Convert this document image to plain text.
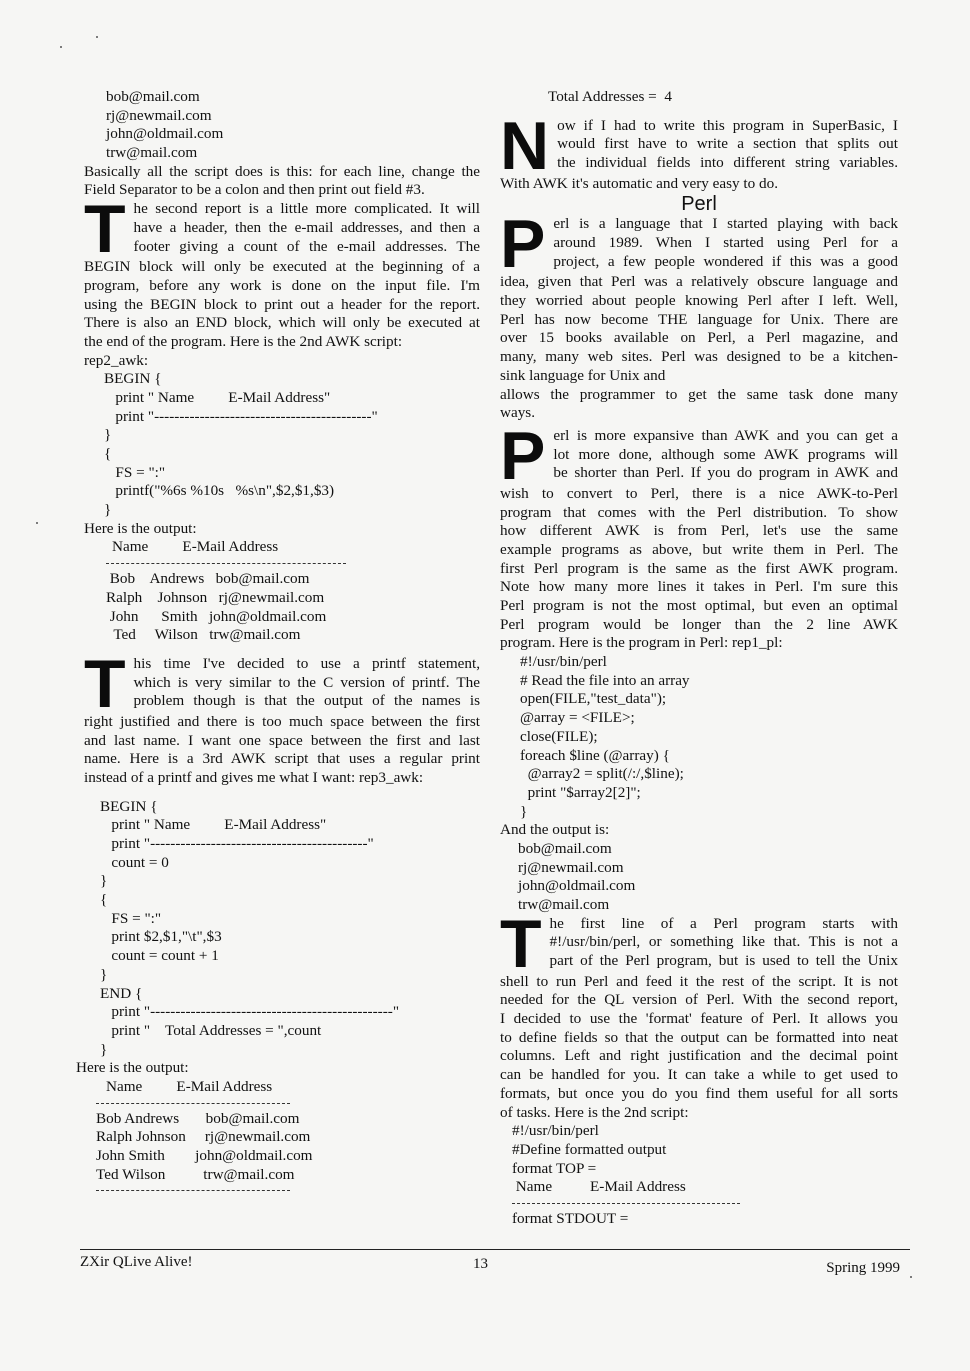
bob@mail.com
rj@newmail.com
john@oldmail.com
trw@mail.com
Basically all the script does is this: for each line, change the
Field Separator to be a colon and then print out field #3.
T he second report is a little more complicated. It will
have a header, then the e-mail addresses, and then a
footer giving a count of the e-mail addresses. The
BEGIN block will only be executed at the beginning of a
program, before any work is done on the input file. I'm
using the BEGIN block to print out a header for the report.
There is also an END block, which will only be executed at
the end of the program. Here is the 2nd AWK script:
rep2_awk:
BEGIN {
print " Name         E-Mail Address"
print "-------------------------------------------"
}
{
FS = ":"
printf("%6s %10s   %s\n",$2,$1,$3)
}
Here is the output:
Name         E-Mail Address
Bob    Andrews   bob@mail.com
Ralph    Johnson   rj@newmail.com
John      Smith   john@oldmail.com
Ted     Wilson   trw@mail.com
T his time I've decided to use a printf statement,
which is very similar to the C version of printf. The
problem though is that the output of the names is
right justified and there is too much space between the first
and last name. I want one space between the first and last
name. Here is a 3rd AWK script that uses a regular print
instead of a printf and gives me what I want: rep3_awk:
BEGIN {
print " Name         E-Mail Address"
print "-------------------------------------------"
count = 0
}
{
FS = ":"
print $2,$1,"\t",$3
count = count + 1
}
END {
print "------------------------------------------------"
print "    Total Addresses = ",count
}
Here is the output:
Name         E-Mail Address
Bob Andrews       bob@mail.com
Ralph Johnson     rj@newmail.com
John Smith        john@oldmail.com
Ted Wilson          trw@mail.com
Total Addresses =  4
N ow if I had to write this program in SuperBasic, I
would first have to write a section that splits out
the individual fields into different string variables.
With AWK it's automatic and very easy to do.
Perl
P erl is a language that I started playing with back
around 1989. When I started using Perl for a
project, a few people wondered if this was a good
idea, given that Perl was a relatively obscure language and
they worried about people knowing Perl after I left. Well,
Perl has now become THE language for Unix. There are
over 15 books available on Perl, a Perl magazine, and
many, many web sites. Perl was designed to be a kitchen-
sink language for Unix and
allows the programmer to get the same task done many
ways.
P erl is more expansive than AWK and you can get a
lot more done, although some AWK programs will
be shorter than Perl. If you do program in AWK and
wish to convert to Perl, there is a nice AWK-to-Perl
program that comes with the Perl distribution. To show
how different AWK is from Perl, let's use the same
example programs as above, but write them in Perl. The
first Perl program is the same as the first AWK program.
Note how many more lines it takes in Perl. I'm sure this
Perl program is not the most optimal, but even an optimal
Perl program would be longer than the 2 line AWK
program. Here is the program in Perl: rep1_pl:
#!/usr/bin/perl
# Read the file into an array
open(FILE,"test_data");
@array = <FILE>;
close(FILE);
foreach $line (@array) {
@array2 = split(/:/,$line);
print "$array2[2]";
}
And the output is:
bob@mail.com
rj@newmail.com
john@oldmail.com
trw@mail.com
T he first line of a Perl program starts with
#!/usr/bin/perl, or something like that. This is not a
part of the Perl program, but is used to tell the Unix
shell to run Perl and feed it the rest of the script. It is not
needed for the QL version of Perl. With the second report,
I decided to use the 'format' feature of Perl. It allows you
to define fields so that the output can be formatted into neat
columns. Left and right justification and the decimal point
can be handled for you. It can take a while to get used to
formats, but once you do you find them useful for all sorts
of tasks. Here is the 2nd script:
#!/usr/bin/perl
#Define formatted output
format TOP =
Name          E-Mail Address
format STDOUT =
ZXir QLive Alive!	13	Spring 1999
